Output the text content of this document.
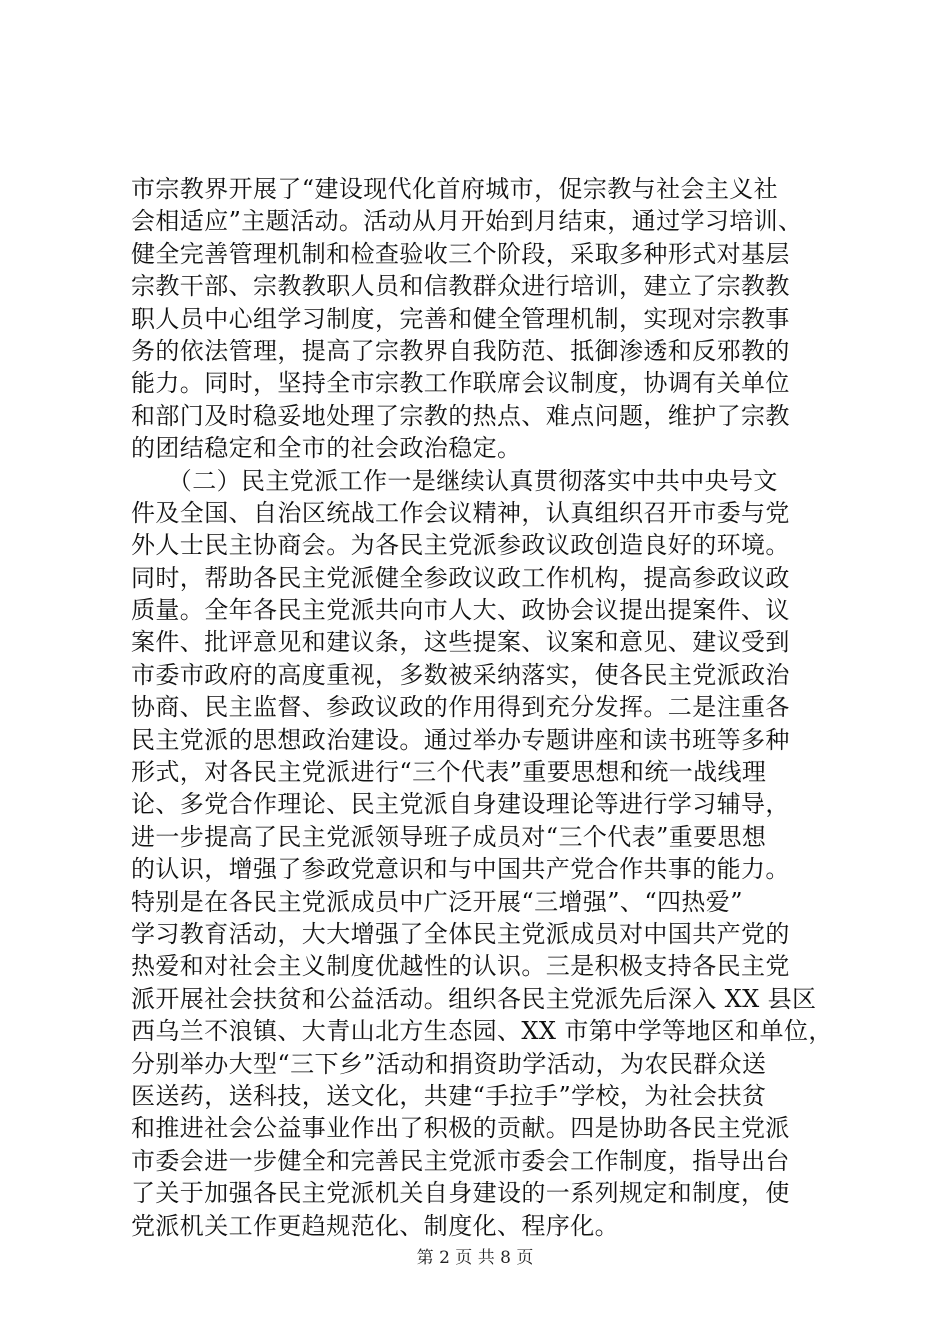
市宗教界开展了“建设现代化首府城市，促宗教与社会主义社
会相适应”主题活动。活动从月开始到月结束，通过学习培训、
健全完善管理机制和检查验收三个阶段，采取多种形式对基层
宗教干部、宗教教职人员和信教群众进行培训，建立了宗教教
职人员中心组学习制度，完善和健全管理机制，实现对宗教事
务的依法管理，提高了宗教界自我防范、抵御渗透和反邪教的
能力。同时，坚持全市宗教工作联席会议制度，协调有关单位
和部门及时稳妥地处理了宗教的热点、难点问题，维护了宗教
的团结稳定和全市的社会政治稳定。
　　（二）民主党派工作一是继续认真贯彻落实中共中央号文
件及全国、自治区统战工作会议精神，认真组织召开市委与党
外人士民主协商会。为各民主党派参政议政创造良好的环境。
同时，帮助各民主党派健全参政议政工作机构，提高参政议政
质量。全年各民主党派共向市人大、政协会议提出提案件、议
案件、批评意见和建议条，这些提案、议案和意见、建议受到
市委市政府的高度重视，多数被采纳落实，使各民主党派政治
协商、民主监督、参政议政的作用得到充分发挥。二是注重各
民主党派的思想政治建设。通过举办专题讲座和读书班等多种
形式，对各民主党派进行“三个代表”重要思想和统一战线理
论、多党合作理论、民主党派自身建设理论等进行学习辅导，
进一步提高了民主党派领导班子成员对“三个代表”重要思想
的认识，增强了参政党意识和与中国共产党合作共事的能力。
特别是在各民主党派成员中广泛开展“三增强”、“四热爱”
学习教育活动，大大增强了全体民主党派成员对中国共产党的
热爱和对社会主义制度优越性的认识。三是积极支持各民主党
派开展社会扶贫和公益活动。组织各民主党派先后深入 XX 县区
西乌兰不浪镇、大青山北方生态园、XX 市第中学等地区和单位，
分别举办大型“三下乡”活动和捐资助学活动，为农民群众送
医送药，送科技，送文化，共建“手拉手”学校，为社会扶贫
和推进社会公益事业作出了积极的贡献。四是协助各民主党派
市委会进一步健全和完善民主党派市委会工作制度，指导出台
了关于加强各民主党派机关自身建设的一系列规定和制度，使
党派机关工作更趋规范化、制度化、程序化。
第 2 页 共 8 页
